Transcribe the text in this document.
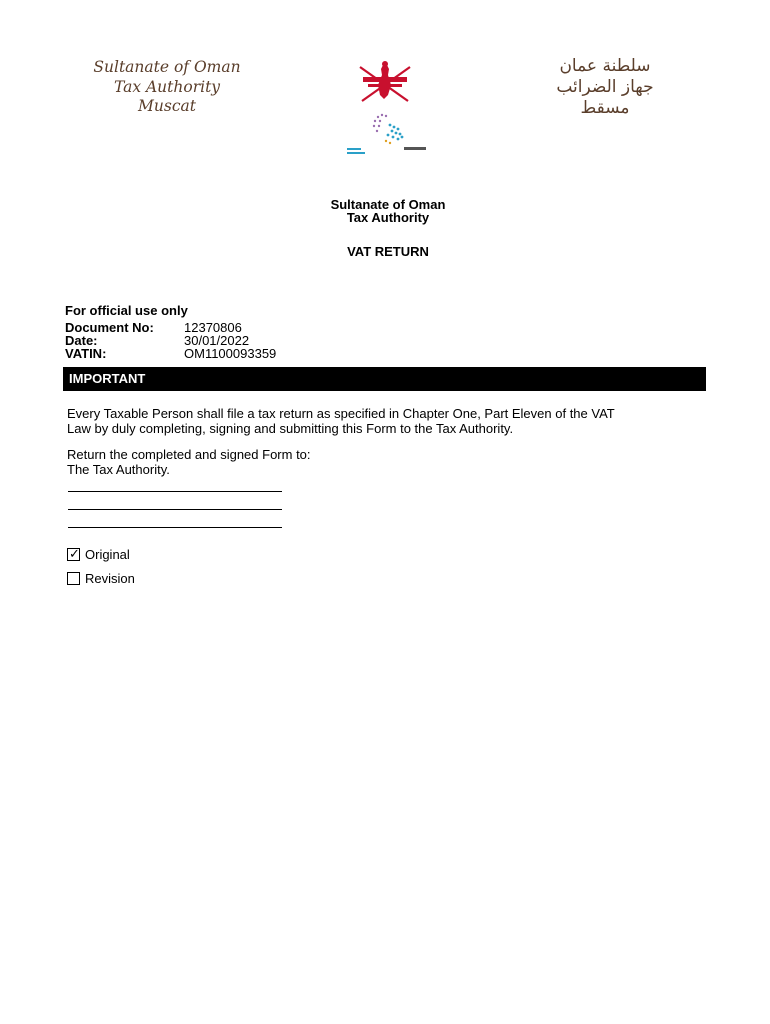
Sultanate of Oman
Tax Authority
Muscat
سلطنة عمان
جهاز الضرائب
مسقط
Sultanate of Oman
Tax Authority
VAT RETURN
For official use only
Document No: 12370806
Date:	30/01/2022
VATIN:	OM1100093359
IMPORTANT
Every Taxable Person shall file a tax return as specified in Chapter One, Part Eleven of the VAT
Law by duly completing, signing and submitting this Form to the Tax Authority.
Return the completed and signed Form to:
The Tax Authority.
✓ Original
Revision
